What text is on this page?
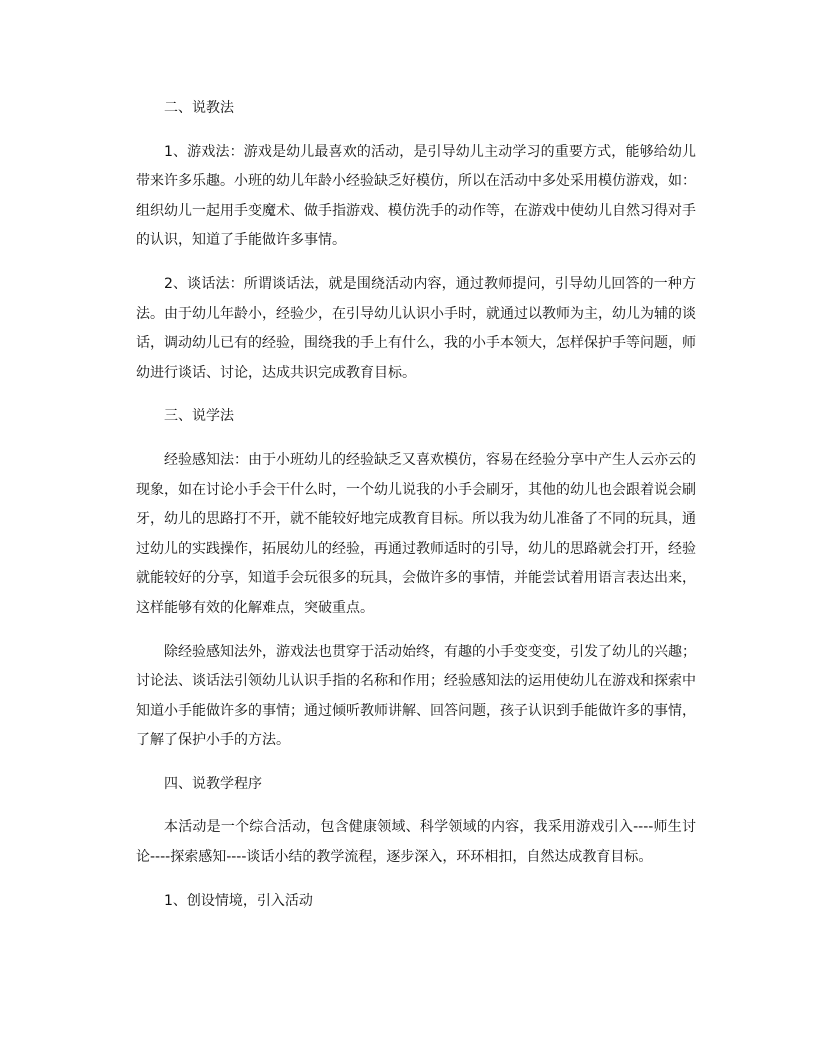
二、说教法

1、游戏法：游戏是幼儿最喜欢的活动，是引导幼儿主动学习的重要方式，能够给幼儿带来许多乐趣。小班的幼儿年龄小经验缺乏好模仿，所以在活动中多处采用模仿游戏，如：组织幼儿一起用手变魔术、做手指游戏、模仿洗手的动作等，在游戏中使幼儿自然习得对手的认识，知道了手能做许多事情。

2、谈话法：所谓谈话法，就是围绕活动内容，通过教师提问，引导幼儿回答的一种方法。由于幼儿年龄小，经验少，在引导幼儿认识小手时，就通过以教师为主，幼儿为辅的谈话，调动幼儿已有的经验，围绕我的手上有什么，我的小手本领大，怎样保护手等问题，师幼进行谈话、讨论，达成共识完成教育目标。

三、说学法

经验感知法：由于小班幼儿的经验缺乏又喜欢模仿，容易在经验分享中产生人云亦云的现象，如在讨论小手会干什么时，一个幼儿说我的小手会刷牙，其他的幼儿也会跟着说会刷牙，幼儿的思路打不开，就不能较好地完成教育目标。所以我为幼儿准备了不同的玩具，通过幼儿的实践操作，拓展幼儿的经验，再通过教师适时的引导，幼儿的思路就会打开，经验就能较好的分享，知道手会玩很多的玩具，会做许多的事情，并能尝试着用语言表达出来，这样能够有效的化解难点，突破重点。

除经验感知法外，游戏法也贯穿于活动始终，有趣的小手变变变，引发了幼儿的兴趣；讨论法、谈话法引领幼儿认识手指的名称和作用；经验感知法的运用使幼儿在游戏和探索中知道小手能做许多的事情；通过倾听教师讲解、回答问题，孩子认识到手能做许多的事情，了解了保护小手的方法。

四、说教学程序

本活动是一个综合活动，包含健康领域、科学领域的内容，我采用游戏引入----师生讨论----探索感知----谈话小结的教学流程，逐步深入，环环相扣，自然达成教育目标。

1、创设情境，引入活动
